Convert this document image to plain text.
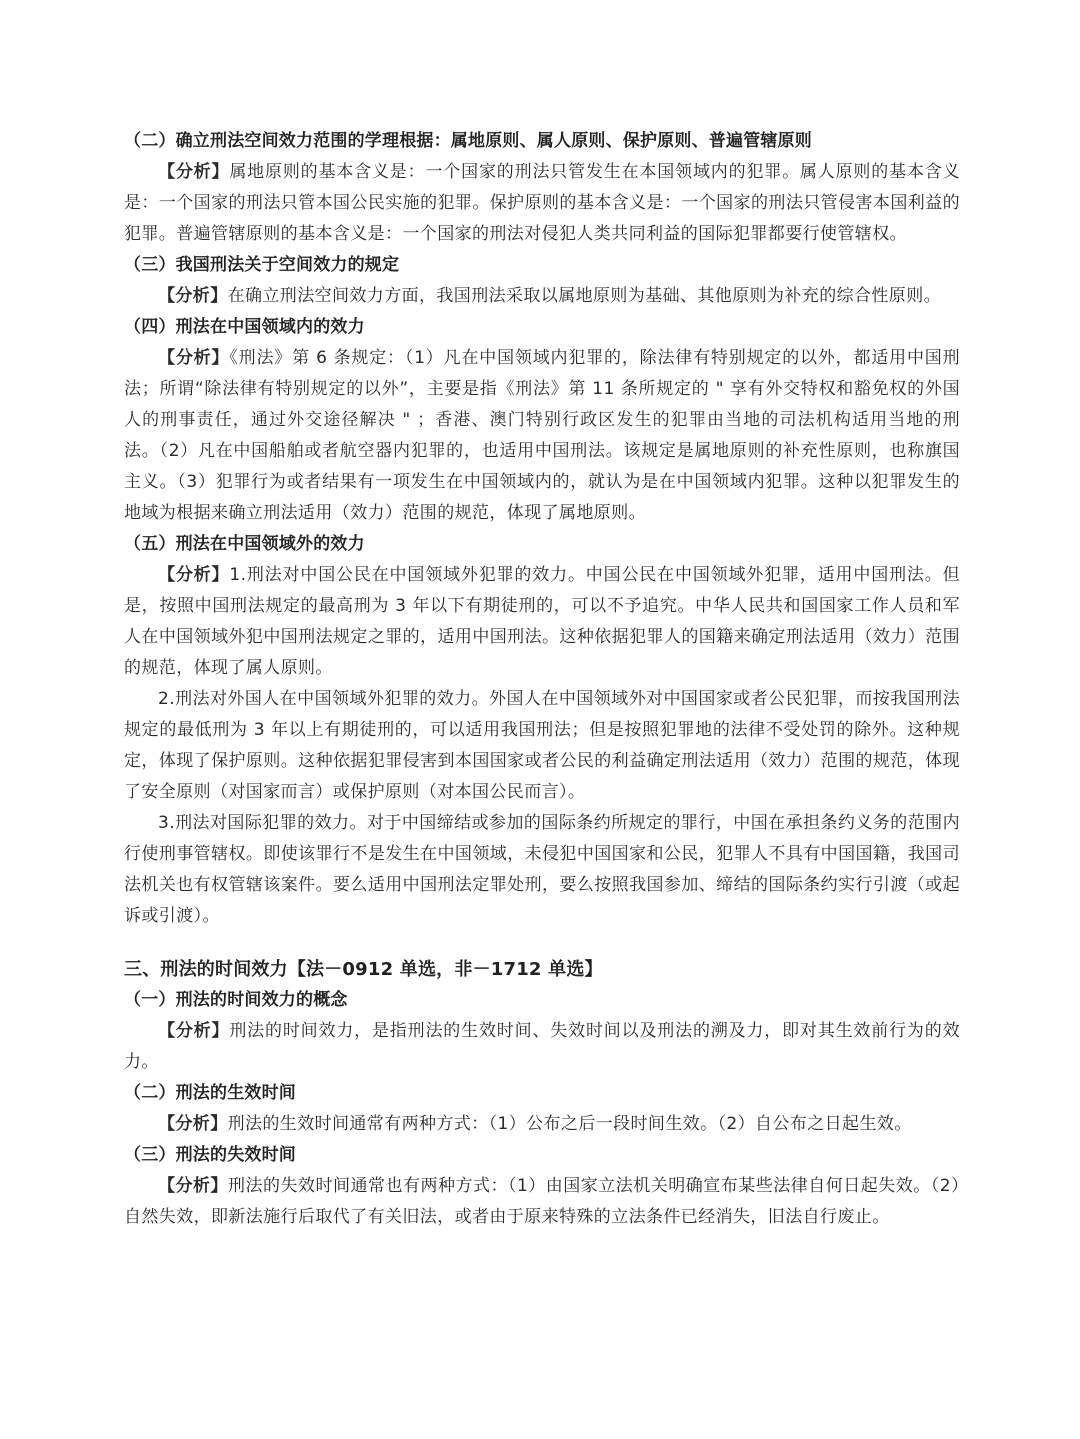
（二）确立刑法空间效力范围的学理根据：属地原则、属人原则、保护原则、普遍管辖原则

【分析】属地原则的基本含义是：一个国家的刑法只管发生在本国领域内的犯罪。属人原则的基本含义是：一个国家的刑法只管本国公民实施的犯罪。保护原则的基本含义是：一个国家的刑法只管侵害本国利益的犯罪。普遍管辖原则的基本含义是：一个国家的刑法对侵犯人类共同利益的国际犯罪都要行使管辖权。

（三）我国刑法关于空间效力的规定

【分析】在确立刑法空间效力方面，我国刑法采取以属地原则为基础、其他原则为补充的综合性原则。

（四）刑法在中国领域内的效力

【分析】《刑法》第 6 条规定：（1）凡在中国领域内犯罪的，除法律有特别规定的以外，都适用中国刑法；所谓“除法律有特别规定的以外”，主要是指《刑法》第 11 条所规定的 " 享有外交特权和豁免权的外国人的刑事责任，通过外交途径解决 " ；香港、澳门特别行政区发生的犯罪由当地的司法机构适用当地的刑法。（2）凡在中国船舶或者航空器内犯罪的，也适用中国刑法。该规定是属地原则的补充性原则，也称旗国主义。（3）犯罪行为或者结果有一项发生在中国领域内的，就认为是在中国领域内犯罪。这种以犯罪发生的地域为根据来确立刑法适用（效力）范围的规范，体现了属地原则。

（五）刑法在中国领域外的效力

【分析】1.刑法对中国公民在中国领域外犯罪的效力。中国公民在中国领域外犯罪，适用中国刑法。但是，按照中国刑法规定的最高刑为 3 年以下有期徒刑的，可以不予追究。中华人民共和国国家工作人员和军人在中国领域外犯中国刑法规定之罪的，适用中国刑法。这种依据犯罪人的国籍来确定刑法适用（效力）范围的规范，体现了属人原则。

2.刑法对外国人在中国领域外犯罪的效力。外国人在中国领域外对中国国家或者公民犯罪，而按我国刑法规定的最低刑为 3 年以上有期徒刑的，可以适用我国刑法；但是按照犯罪地的法律不受处罚的除外。这种规定，体现了保护原则。这种依据犯罪侵害到本国国家或者公民的利益确定刑法适用（效力）范围的规范，体现了安全原则（对国家而言）或保护原则（对本国公民而言）。

3.刑法对国际犯罪的效力。对于中国缔结或参加的国际条约所规定的罪行，中国在承担条约义务的范围内行使刑事管辖权。即使该罪行不是发生在中国领域，未侵犯中国国家和公民，犯罪人不具有中国国籍，我国司法机关也有权管辖该案件。要么适用中国刑法定罪处刑，要么按照我国参加、缔结的国际条约实行引渡（或起诉或引渡）。

三、刑法的时间效力【法－0912 单选，非－1712 单选】
（一）刑法的时间效力的概念

【分析】刑法的时间效力，是指刑法的生效时间、失效时间以及刑法的溯及力，即对其生效前行为的效力。

（二）刑法的生效时间

【分析】刑法的生效时间通常有两种方式：（1）公布之后一段时间生效。（2）自公布之日起生效。

（三）刑法的失效时间

【分析】刑法的失效时间通常也有两种方式：（1）由国家立法机关明确宣布某些法律自何日起失效。（2）自然失效，即新法施行后取代了有关旧法，或者由于原来特殊的立法条件已经消失，旧法自行废止。
